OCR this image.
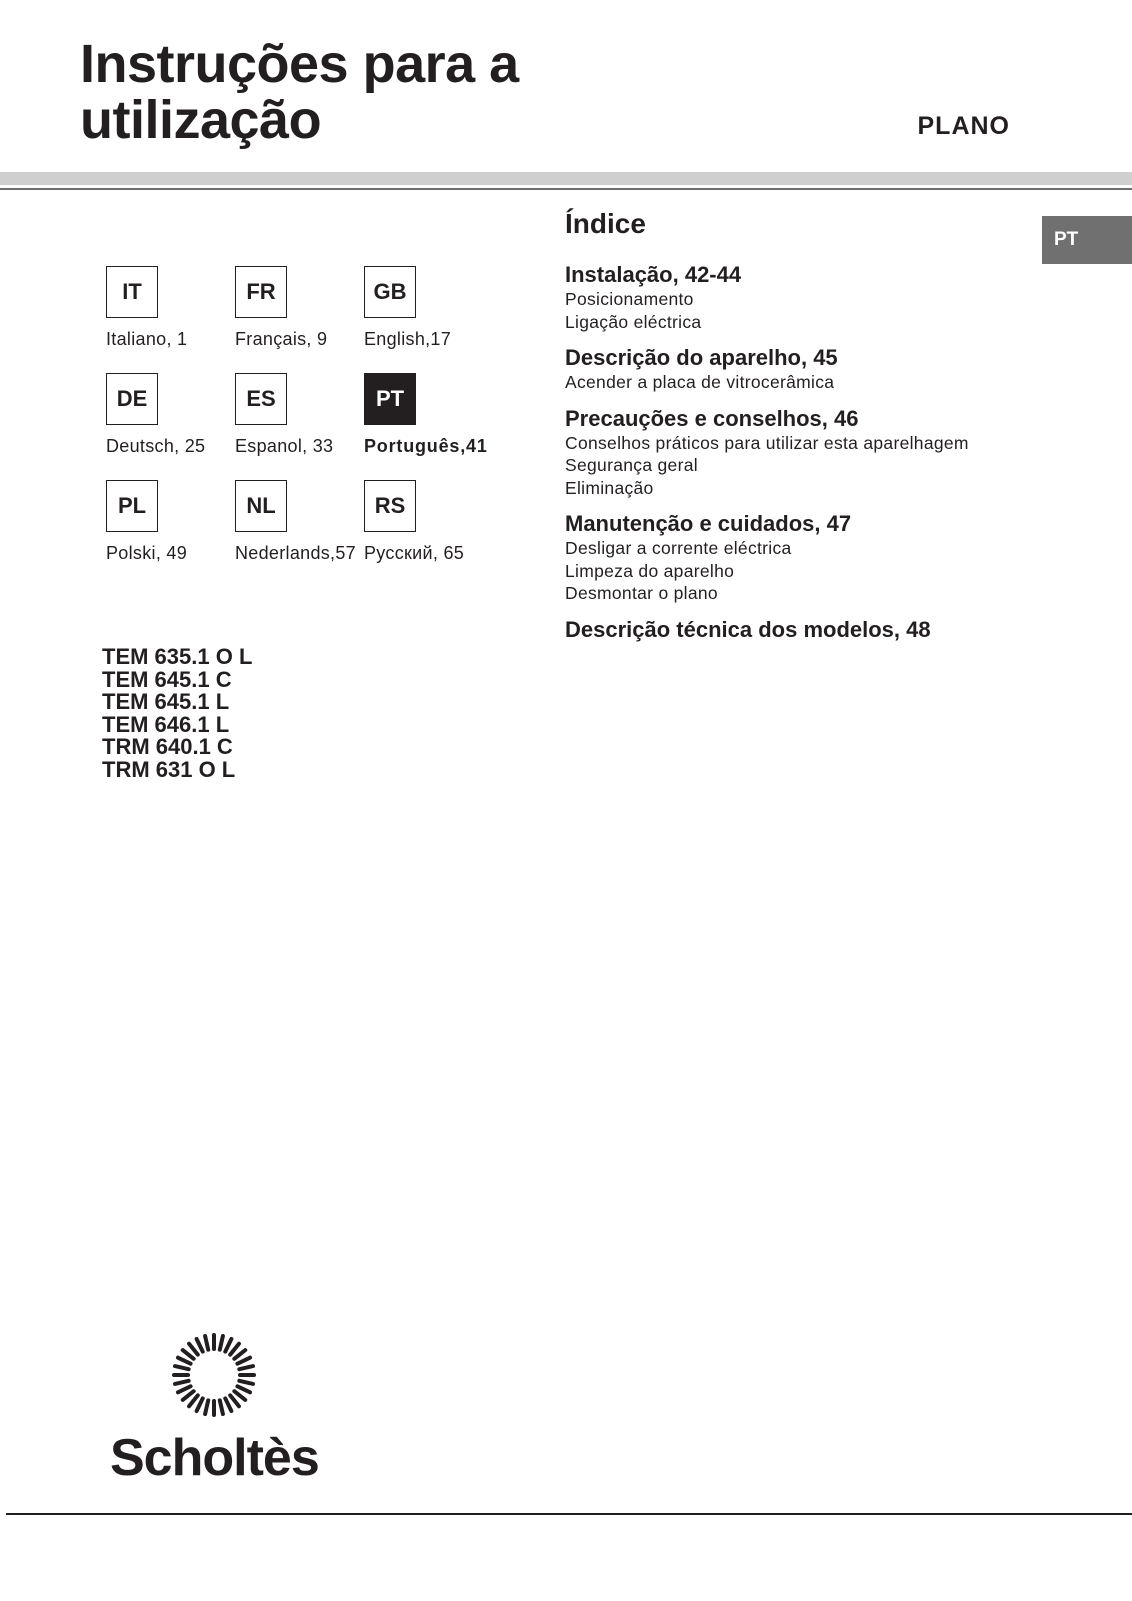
Instruções para a
utilização	PLANO
PT
IT
Italiano, 1
FR
Français, 9
GB
English,17
DE
Deutsch, 25
ES
Espanol, 33
PT
Português,41
PL
Polski, 49
NL
Nederlands,57
RS
Русский, 65
TEM 635.1 O L
TEM 645.1 C
TEM 645.1 L
TEM 646.1 L
TRM 640.1 C
TRM 631 O L
Índice
Instalação, 42-44
Posicionamento
Ligação eléctrica
Descrição do aparelho, 45
Acender a placa de vitrocerâmica
Precauções e conselhos, 46
Conselhos práticos para utilizar esta aparelhagem
Segurança geral
Eliminação
Manutenção e cuidados, 47
Desligar a corrente eléctrica
Limpeza do aparelho
Desmontar o plano
Descrição técnica dos modelos, 48
Scholtès
